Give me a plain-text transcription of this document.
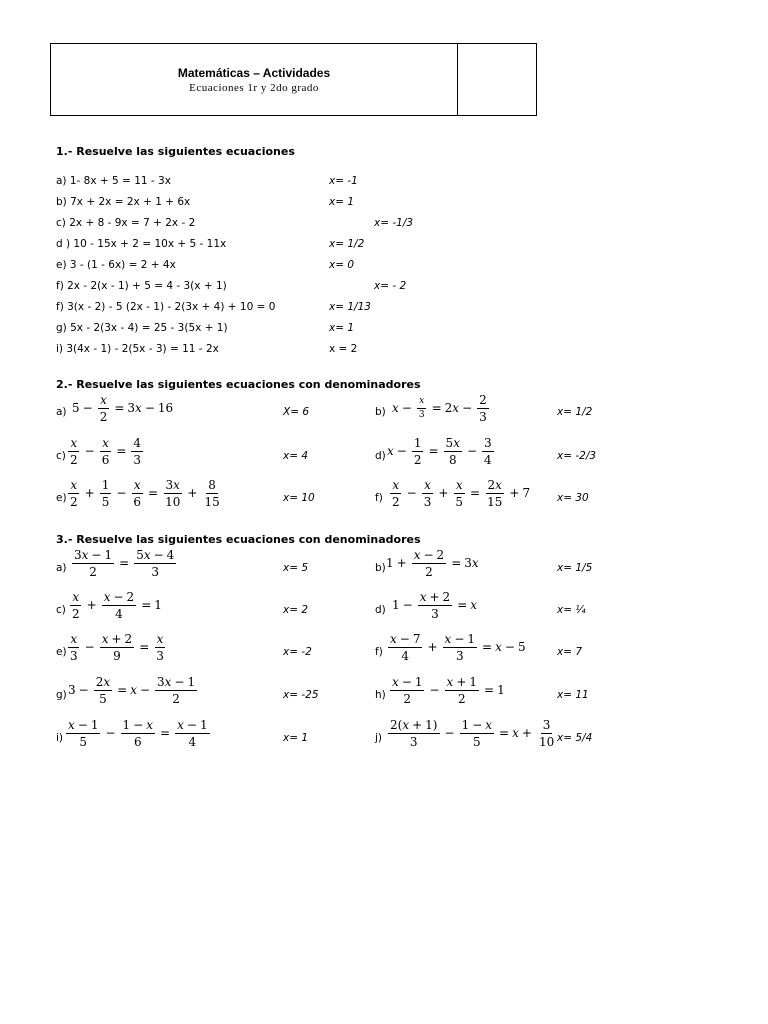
Matemáticas – Actividades
Ecuaciones 1r y 2do grado
1.- Resuelve las siguientes ecuaciones
a) 1- 8x + 5 = 11 - 3x	x= -1
b) 7x + 2x = 2x + 1 + 6x	x= 1
c) 2x + 8 - 9x = 7 + 2x - 2	x= -1/3
d ) 10 - 15x + 2 = 10x + 5 - 11x	x= 1/2
e) 3 - (1 - 6x) = 2 + 4x	x= 0
f) 2x - 2(x - 1) + 5 = 4 - 3(x + 1)	x= - 2
f) 3(x - 2) - 5 (2x - 1) - 2(3x + 4) + 10 = 0	x= 1/13
g) 5x - 2(3x - 4) = 25 - 3(5x + 1)	x= 1
i) 3(4x - 1) - 2(5x - 3) = 11 - 2x	x = 2
2.- Resuelve las siguientes ecuaciones con denominadores
a) $5 - \frac{x}{2} = 3x - 16$	X= 6	b) $x - \frac{x}{3} = 2x - \frac{2}{3}$	x= 1/2
$c) \frac{x}{2} - \frac{x}{6} = \frac{4}{3}$	x= 4	d) $x - \frac{1}{2} = \frac{5x}{8} - \frac{3}{4}$	x= -2/3
$e) \frac{x}{2} + \frac{1}{5} - \frac{x}{6} = \frac{3x}{10} + \frac{8}{15}$	x= 10	$f) \frac{x}{2} - \frac{x}{3} + \frac{x}{5} = \frac{2x}{15} + 7$	x= 30
3.- Resuelve las siguientes ecuaciones con denominadores
$a) \frac{3x - 1}{2} = \frac{5x - 4}{3}$	x= 5	b) $1 + \frac{x - 2}{2} = 3x$	x= 1/5
$c) \frac{x}{2} + \frac{x - 2}{4} = 1$	x= 2	d) $1 - \frac{x + 2}{3} = x$	x= ¼
$e) \frac{x}{3} - \frac{x + 2}{9} = \frac{x}{3}$	x= -2	$f) \frac{x - 7}{4} + \frac{x - 1}{3} = x - 5$	x= 7
g) $3 - \frac{2x}{5} = x - \frac{3x - 1}{2}$	x= -25	$h) \frac{x - 1}{2} - \frac{x + 1}{2} = 1$	x= 11
$i) \frac{x - 1}{5} - \frac{1 - x}{6} = \frac{x - 1}{4}$	x= 1	$j) \frac{2(x + 1)}{3} - \frac{1 - x}{5} = x + \frac{3}{10} x= 5/4$
